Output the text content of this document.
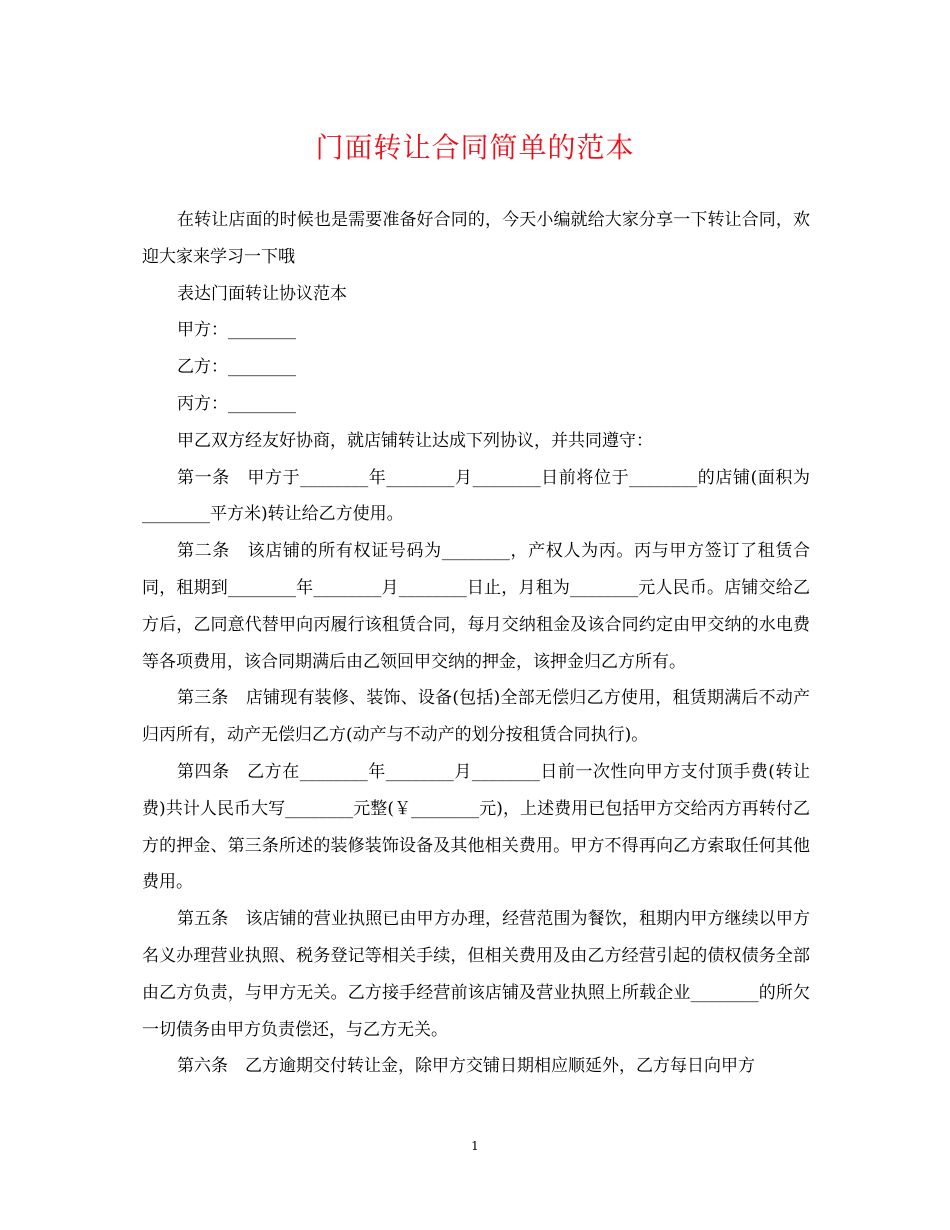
门面转让合同简单的范本

在转让店面的时候也是需要准备好合同的，今天小编就给大家分享一下转让合同，欢迎大家来学习一下哦

表达门面转让协议范本

甲方：________

乙方：________

丙方：________

甲乙双方经友好协商，就店铺转让达成下列协议，并共同遵守：

第一条　甲方于________年________月________日前将位于________的店铺(面积为________平方米)转让给乙方使用。

第二条　该店铺的所有权证号码为________，产权人为丙。丙与甲方签订了租赁合同，租期到________年________月________日止，月租为________元人民币。店铺交给乙方后，乙同意代替甲向丙履行该租赁合同，每月交纳租金及该合同约定由甲交纳的水电费等各项费用，该合同期满后由乙领回甲交纳的押金，该押金归乙方所有。

第三条　店铺现有装修、装饰、设备(包括)全部无偿归乙方使用，租赁期满后不动产归丙所有，动产无偿归乙方(动产与不动产的划分按租赁合同执行)。

第四条　乙方在________年________月________日前一次性向甲方支付顶手费(转让费)共计人民币大写________元整(￥________元)，上述费用已包括甲方交给丙方再转付乙方的押金、第三条所述的装修装饰设备及其他相关费用。甲方不得再向乙方索取任何其他费用。

第五条　该店铺的营业执照已由甲方办理，经营范围为餐饮，租期内甲方继续以甲方名义办理营业执照、税务登记等相关手续，但相关费用及由乙方经营引起的债权债务全部由乙方负责，与甲方无关。乙方接手经营前该店铺及营业执照上所载企业________的所欠一切债务由甲方负责偿还，与乙方无关。

第六条　乙方逾期交付转让金，除甲方交铺日期相应顺延外，乙方每日向甲方

1
